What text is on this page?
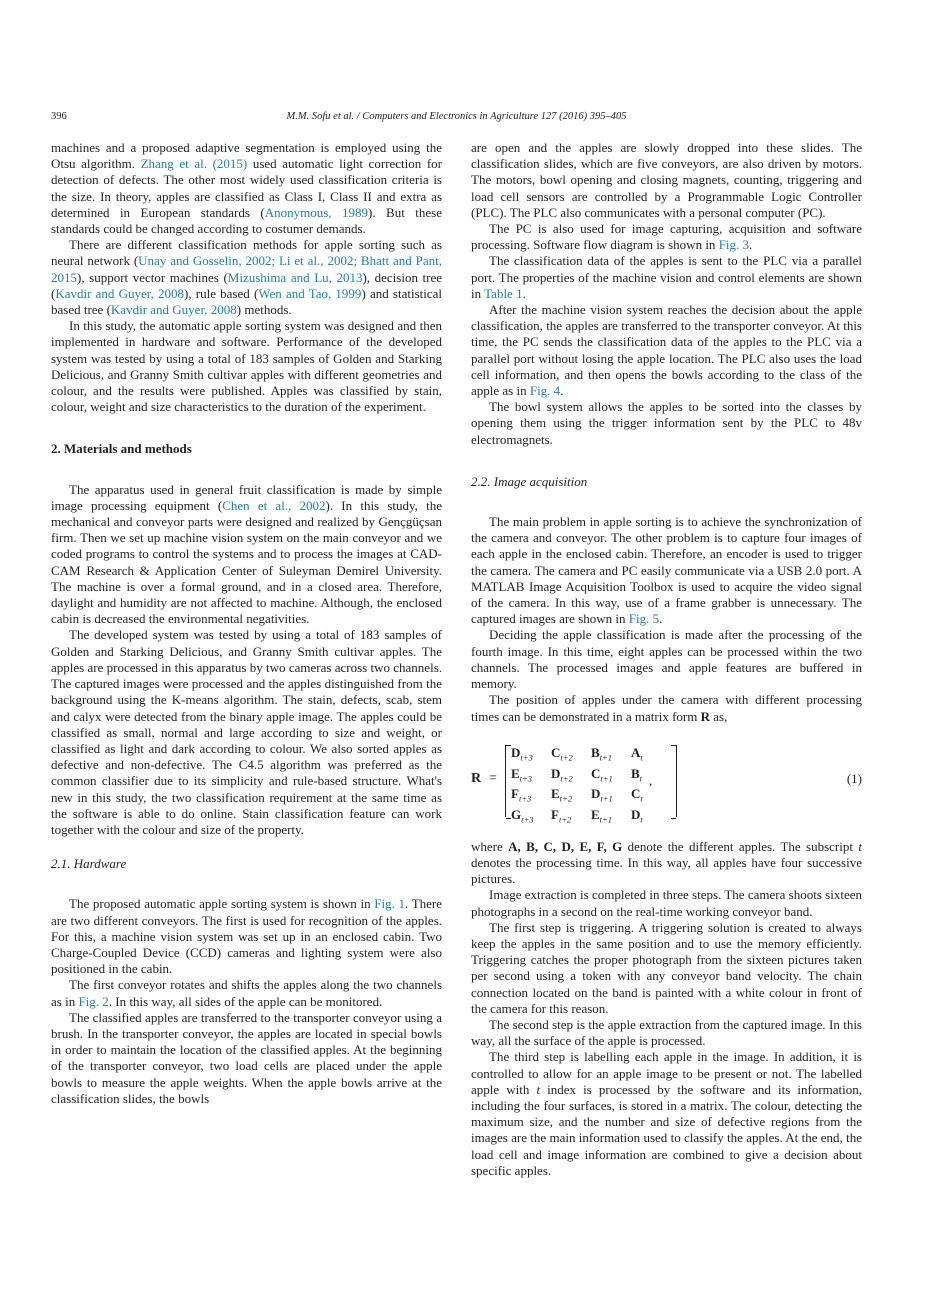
396	M.M. Sofu et al. / Computers and Electronics in Agriculture 127 (2016) 395–405

machines and a proposed adaptive segmentation is employed using the Otsu algorithm. Zhang et al. (2015) used automatic light correction for detection of defects. The other most widely used classification criteria is the size. In theory, apples are classified as Class I, Class II and extra as determined in European standards (Anonymous, 1989). But these standards could be changed according to costumer demands.

There are different classification methods for apple sorting such as neural network (Unay and Gosselin, 2002; Li et al., 2002; Bhatt and Pant, 2015), support vector machines (Mizushima and Lu, 2013), decision tree (Kavdir and Guyer, 2008), rule based (Wen and Tao, 1999) and statistical based tree (Kavdir and Guyer, 2008) methods.

In this study, the automatic apple sorting system was designed and then implemented in hardware and software. Performance of the developed system was tested by using a total of 183 samples of Golden and Starking Delicious, and Granny Smith cultivar apples with different geometries and colour, and the results were published. Apples was classified by stain, colour, weight and size characteristics to the duration of the experiment.

2. Materials and methods

The apparatus used in general fruit classification is made by simple image processing equipment (Chen et al., 2002). In this study, the mechanical and conveyor parts were designed and realized by Gençgüçsan firm. Then we set up machine vision system on the main conveyor and we coded programs to control the systems and to process the images at CAD-CAM Research & Application Center of Suleyman Demirel University. The machine is over a formal ground, and in a closed area. Therefore, daylight and humidity are not affected to machine. Although, the enclosed cabin is decreased the environmental negativities.

The developed system was tested by using a total of 183 samples of Golden and Starking Delicious, and Granny Smith cultivar apples. The apples are processed in this apparatus by two cameras across two channels. The captured images were processed and the apples distinguished from the background using the K-means algorithm. The stain, defects, scab, stem and calyx were detected from the binary apple image. The apples could be classified as small, normal and large according to size and weight, or classified as light and dark according to colour. We also sorted apples as defective and non-defective. The C4.5 algorithm was preferred as the common classifier due to its simplicity and rule-based structure. What's new in this study, the two classification requirement at the same time as the software is able to do online. Stain classification feature can work together with the colour and size of the property.

2.1. Hardware

The proposed automatic apple sorting system is shown in Fig. 1. There are two different conveyors. The first is used for recognition of the apples. For this, a machine vision system was set up in an enclosed cabin. Two Charge-Coupled Device (CCD) cameras and lighting system were also positioned in the cabin.

The first conveyor rotates and shifts the apples along the two channels as in Fig. 2. In this way, all sides of the apple can be monitored.

The classified apples are transferred to the transporter conveyor using a brush. In the transporter conveyor, the apples are located in special bowls in order to maintain the location of the classified apples. At the beginning of the transporter conveyor, two load cells are placed under the apple bowls to measure the apple weights. When the apple bowls arrive at the classification slides, the bowls

are open and the apples are slowly dropped into these slides. The classification slides, which are five conveyors, are also driven by motors. The motors, bowl opening and closing magnets, counting, triggering and load cell sensors are controlled by a Programmable Logic Controller (PLC). The PLC also communicates with a personal computer (PC).

The PC is also used for image capturing, acquisition and software processing. Software flow diagram is shown in Fig. 3.

The classification data of the apples is sent to the PLC via a parallel port. The properties of the machine vision and control elements are shown in Table 1.

After the machine vision system reaches the decision about the apple classification, the apples are transferred to the transporter conveyor. At this time, the PC sends the classification data of the apples to the PLC via a parallel port without losing the apple location. The PLC also uses the load cell information, and then opens the bowls according to the class of the apple as in Fig. 4.

The bowl system allows the apples to be sorted into the classes by opening them using the trigger information sent by the PLC to 48v electromagnets.

2.2. Image acquisition

The main problem in apple sorting is to achieve the synchronization of the camera and conveyor. The other problem is to capture four images of each apple in the enclosed cabin. Therefore, an encoder is used to trigger the camera. The camera and PC easily communicate via a USB 2.0 port. A MATLAB Image Acquisition Toolbox is used to acquire the video signal of the camera. In this way, use of a frame grabber is unnecessary. The captured images are shown in Fig. 5.

Deciding the apple classification is made after the processing of the fourth image. In this time, eight apples can be processed within the two channels. The processed images and apple features are buffered in memory.

The position of apples under the camera with different processing times can be demonstrated in a matrix form R as,

R =
$D_{t+3}$	$C_{t+2}$	$B_{t+1}$	$A_t$
$E_{t+3}$	$D_{t+2}$	$C_{t+1}$	$B_t$
$F_{t+3}$	$E_{t+2}$	$D_{t+1}$	$C_t$
$G_{t+3}$	$F_{t+2}$	$E_{t+1}$	$D_t$
,	(1)

where A, B, C, D, E, F, G denote the different apples. The subscript t denotes the processing time. In this way, all apples have four successive pictures.

Image extraction is completed in three steps. The camera shoots sixteen photographs in a second on the real-time working conveyor band.

The first step is triggering. A triggering solution is created to always keep the apples in the same position and to use the memory efficiently. Triggering catches the proper photograph from the sixteen pictures taken per second using a token with any conveyor band velocity. The chain connection located on the band is painted with a white colour in front of the camera for this reason.

The second step is the apple extraction from the captured image. In this way, all the surface of the apple is processed.

The third step is labelling each apple in the image. In addition, it is controlled to allow for an apple image to be present or not. The labelled apple with t index is processed by the software and its information, including the four surfaces, is stored in a matrix. The colour, detecting the maximum size, and the number and size of defective regions from the images are the main information used to classify the apples. At the end, the load cell and image information are combined to give a decision about specific apples.
